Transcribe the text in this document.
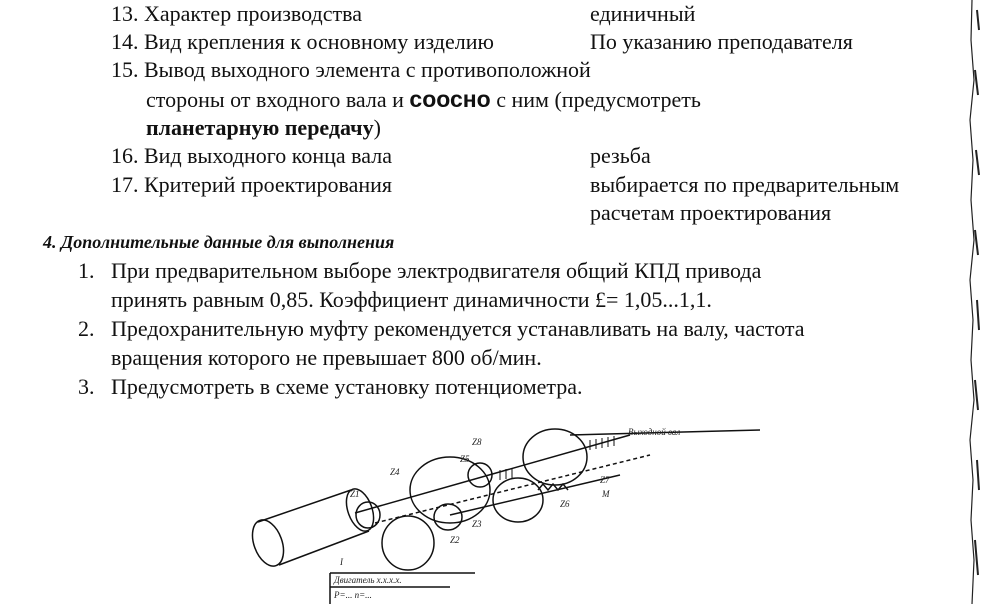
13. Характер производства	единичный
14. Вид крепления к основному изделию	По указанию преподавателя
15. Вывод выходного элемента с противоположной
стороны от входного вала и соосно с ним (предусмотреть
планетарную передачу)
16. Вид выходного конца вала	резьба
17. Критерий проектирования	выбирается по предварительным
расчетам проектирования
4. Дополнительные данные для выполнения
1. При предварительном выборе электродвигателя общий КПД привода
принять равным 0,85. Коэффициент динамичности £= 1,05...1,1.
2. Предохранительную муфту рекомендуется устанавливать на валу, частота
вращения которого не превышает 800 об/мин.
3. Предусмотреть в схеме установку потенциометра.
Выходной вал
Z8
Z5
Z4
Z1
Z3
Z2
Z7
Z6
M
I
Двигатель x.x.x.x.
P=... n=...
